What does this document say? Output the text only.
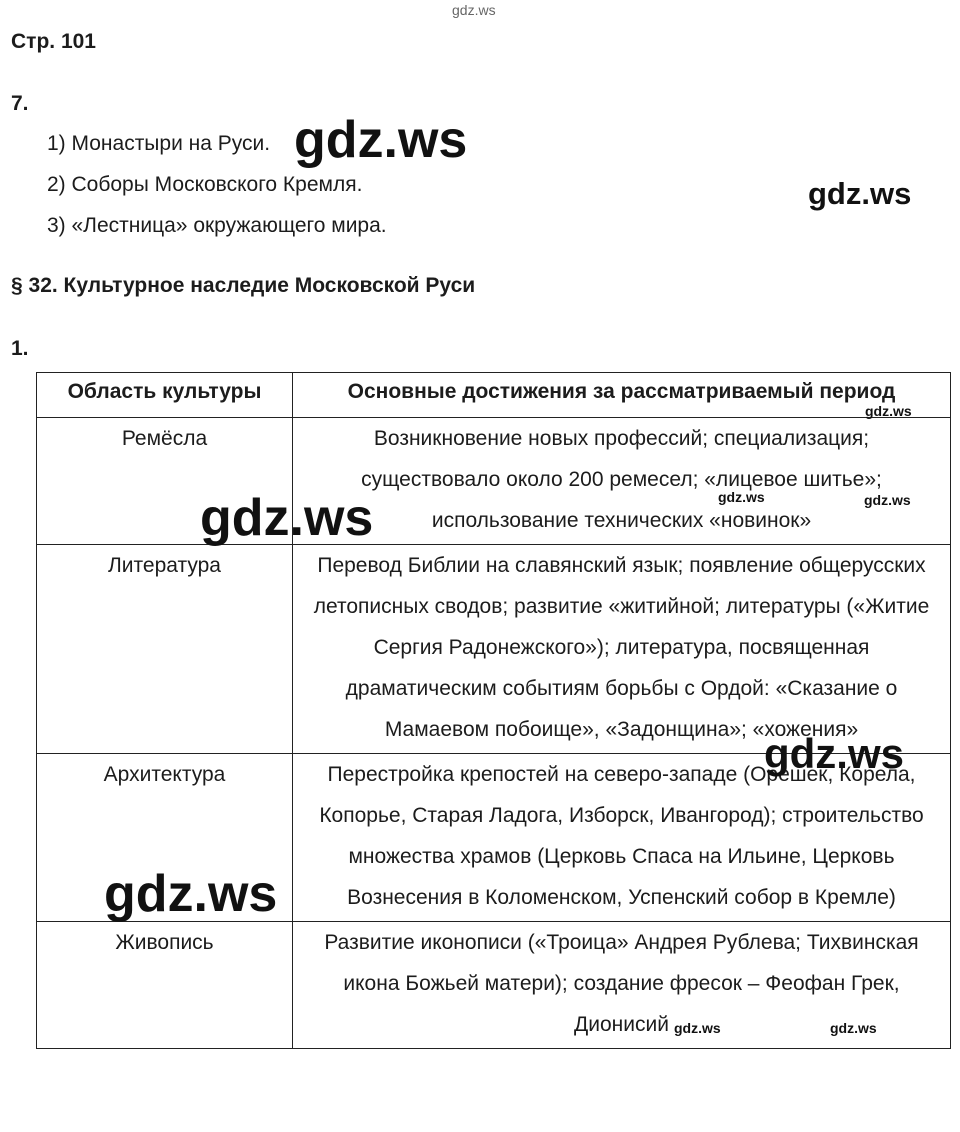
gdz.ws
Стр. 101
7.
1) Монастыри на Руси.
2) Соборы Московского Кремля.
3) «Лестница» окружающего мира.
§ 32. Культурное наследие Московской Руси
1.
Область культуры	Основные достижения за рассматриваемый период
Ремёсла	Возникновение новых профессий; специализация; существовало около 200 ремесел; «лицевое шитье»; использование технических «новинок»

Литература	Перевод Библии на славянский язык; появление общерусских летописных сводов; развитие «житийной; литературы («Житие Сергия Радонежского»); литература, посвященная драматическим событиям борьбы с Ордой: «Сказание о Мамаевом побоище», «Задонщина»; «хожения»

Архитектура	Перестройка крепостей на северо-западе (Орешек, Корела, Копорье, Старая Ладога, Изборск, Ивангород); строительство множества храмов (Церковь Спаса на Ильине, Церковь Вознесения в Коломенском, Успенский собор в Кремле)

Живопись	Развитие иконописи («Троица» Андрея Рублева; Тихвинская икона Божьей матери); создание фресок – Феофан Грек, Дионисий
gdz.ws
gdz.ws
gdz.ws
gdz.ws	gdz.ws
gdz.ws
gdz.ws
gdz.ws
gdz.ws	gdz.ws
